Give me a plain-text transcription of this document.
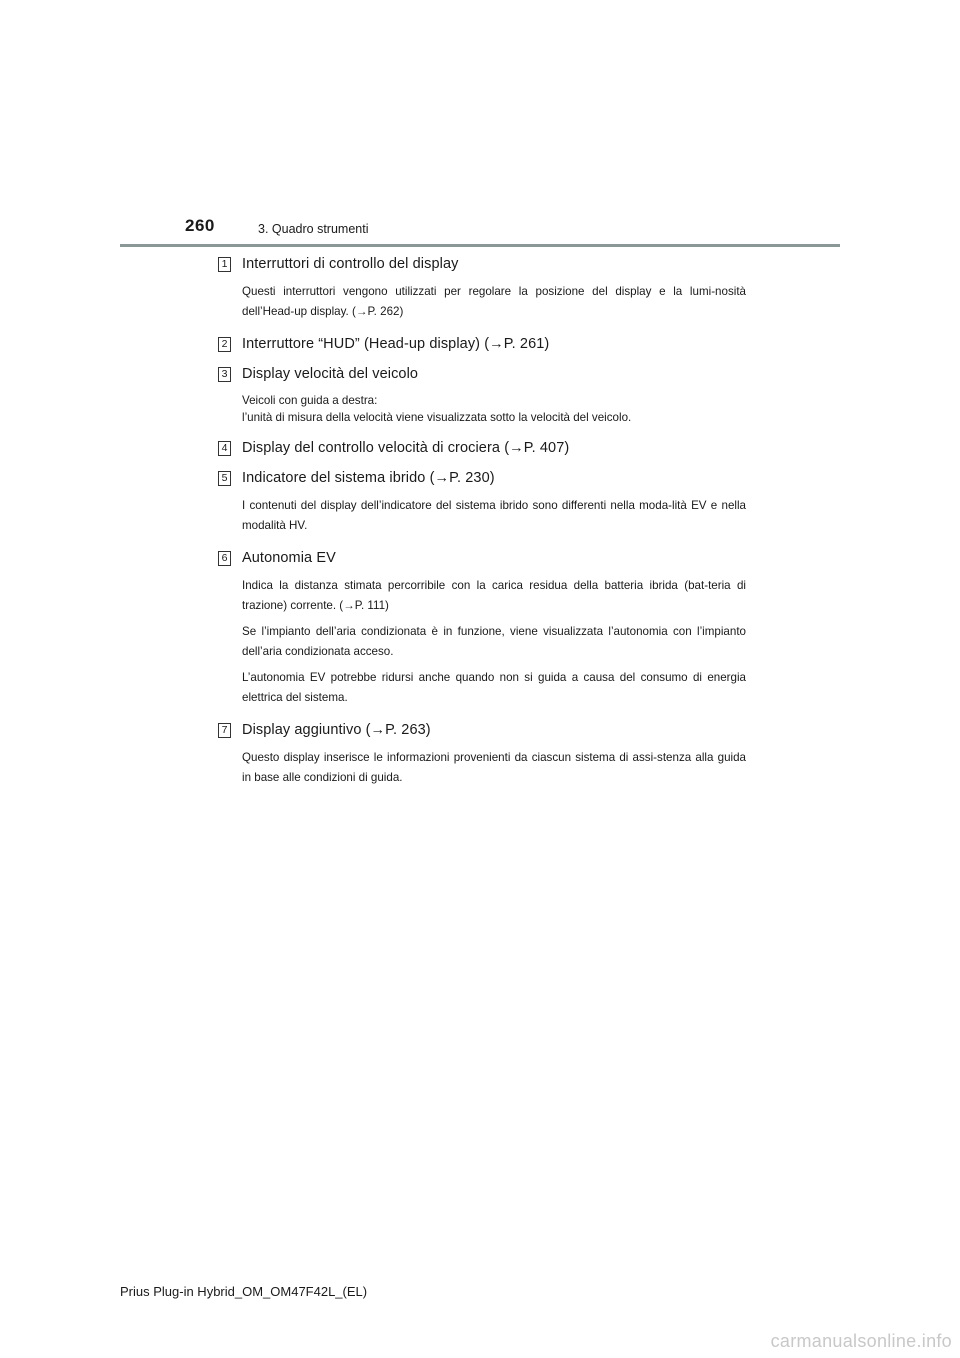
260	3. Quadro strumenti
1 Interruttori di controllo del display

Questi interruttori vengono utilizzati per regolare la posizione del display e la lumi-nosità dell’Head-up display. (→P. 262)

2 Interruttore “HUD” (Head-up display) (→P. 261)
3 Display velocità del veicolo

Veicoli con guida a destra:

l’unità di misura della velocità viene visualizzata sotto la velocità del veicolo.

4 Display del controllo velocità di crociera (→P. 407)
5 Indicatore del sistema ibrido (→P. 230)

I contenuti del display dell’indicatore del sistema ibrido sono differenti nella moda-lità EV e nella modalità HV.

6 Autonomia EV

Indica la distanza stimata percorribile con la carica residua della batteria ibrida (bat-teria di trazione) corrente. (→P. 111)

Se l’impianto dell’aria condizionata è in funzione, viene visualizzata l’autonomia con l’impianto dell’aria condizionata acceso.

L’autonomia EV potrebbe ridursi anche quando non si guida a causa del consumo di energia elettrica del sistema.

7 Display aggiuntivo (→P. 263)

Questo display inserisce le informazioni provenienti da ciascun sistema di assi-stenza alla guida in base alle condizioni di guida.

Prius Plug-in Hybrid_OM_OM47F42L_(EL)
carmanualsonline.info
